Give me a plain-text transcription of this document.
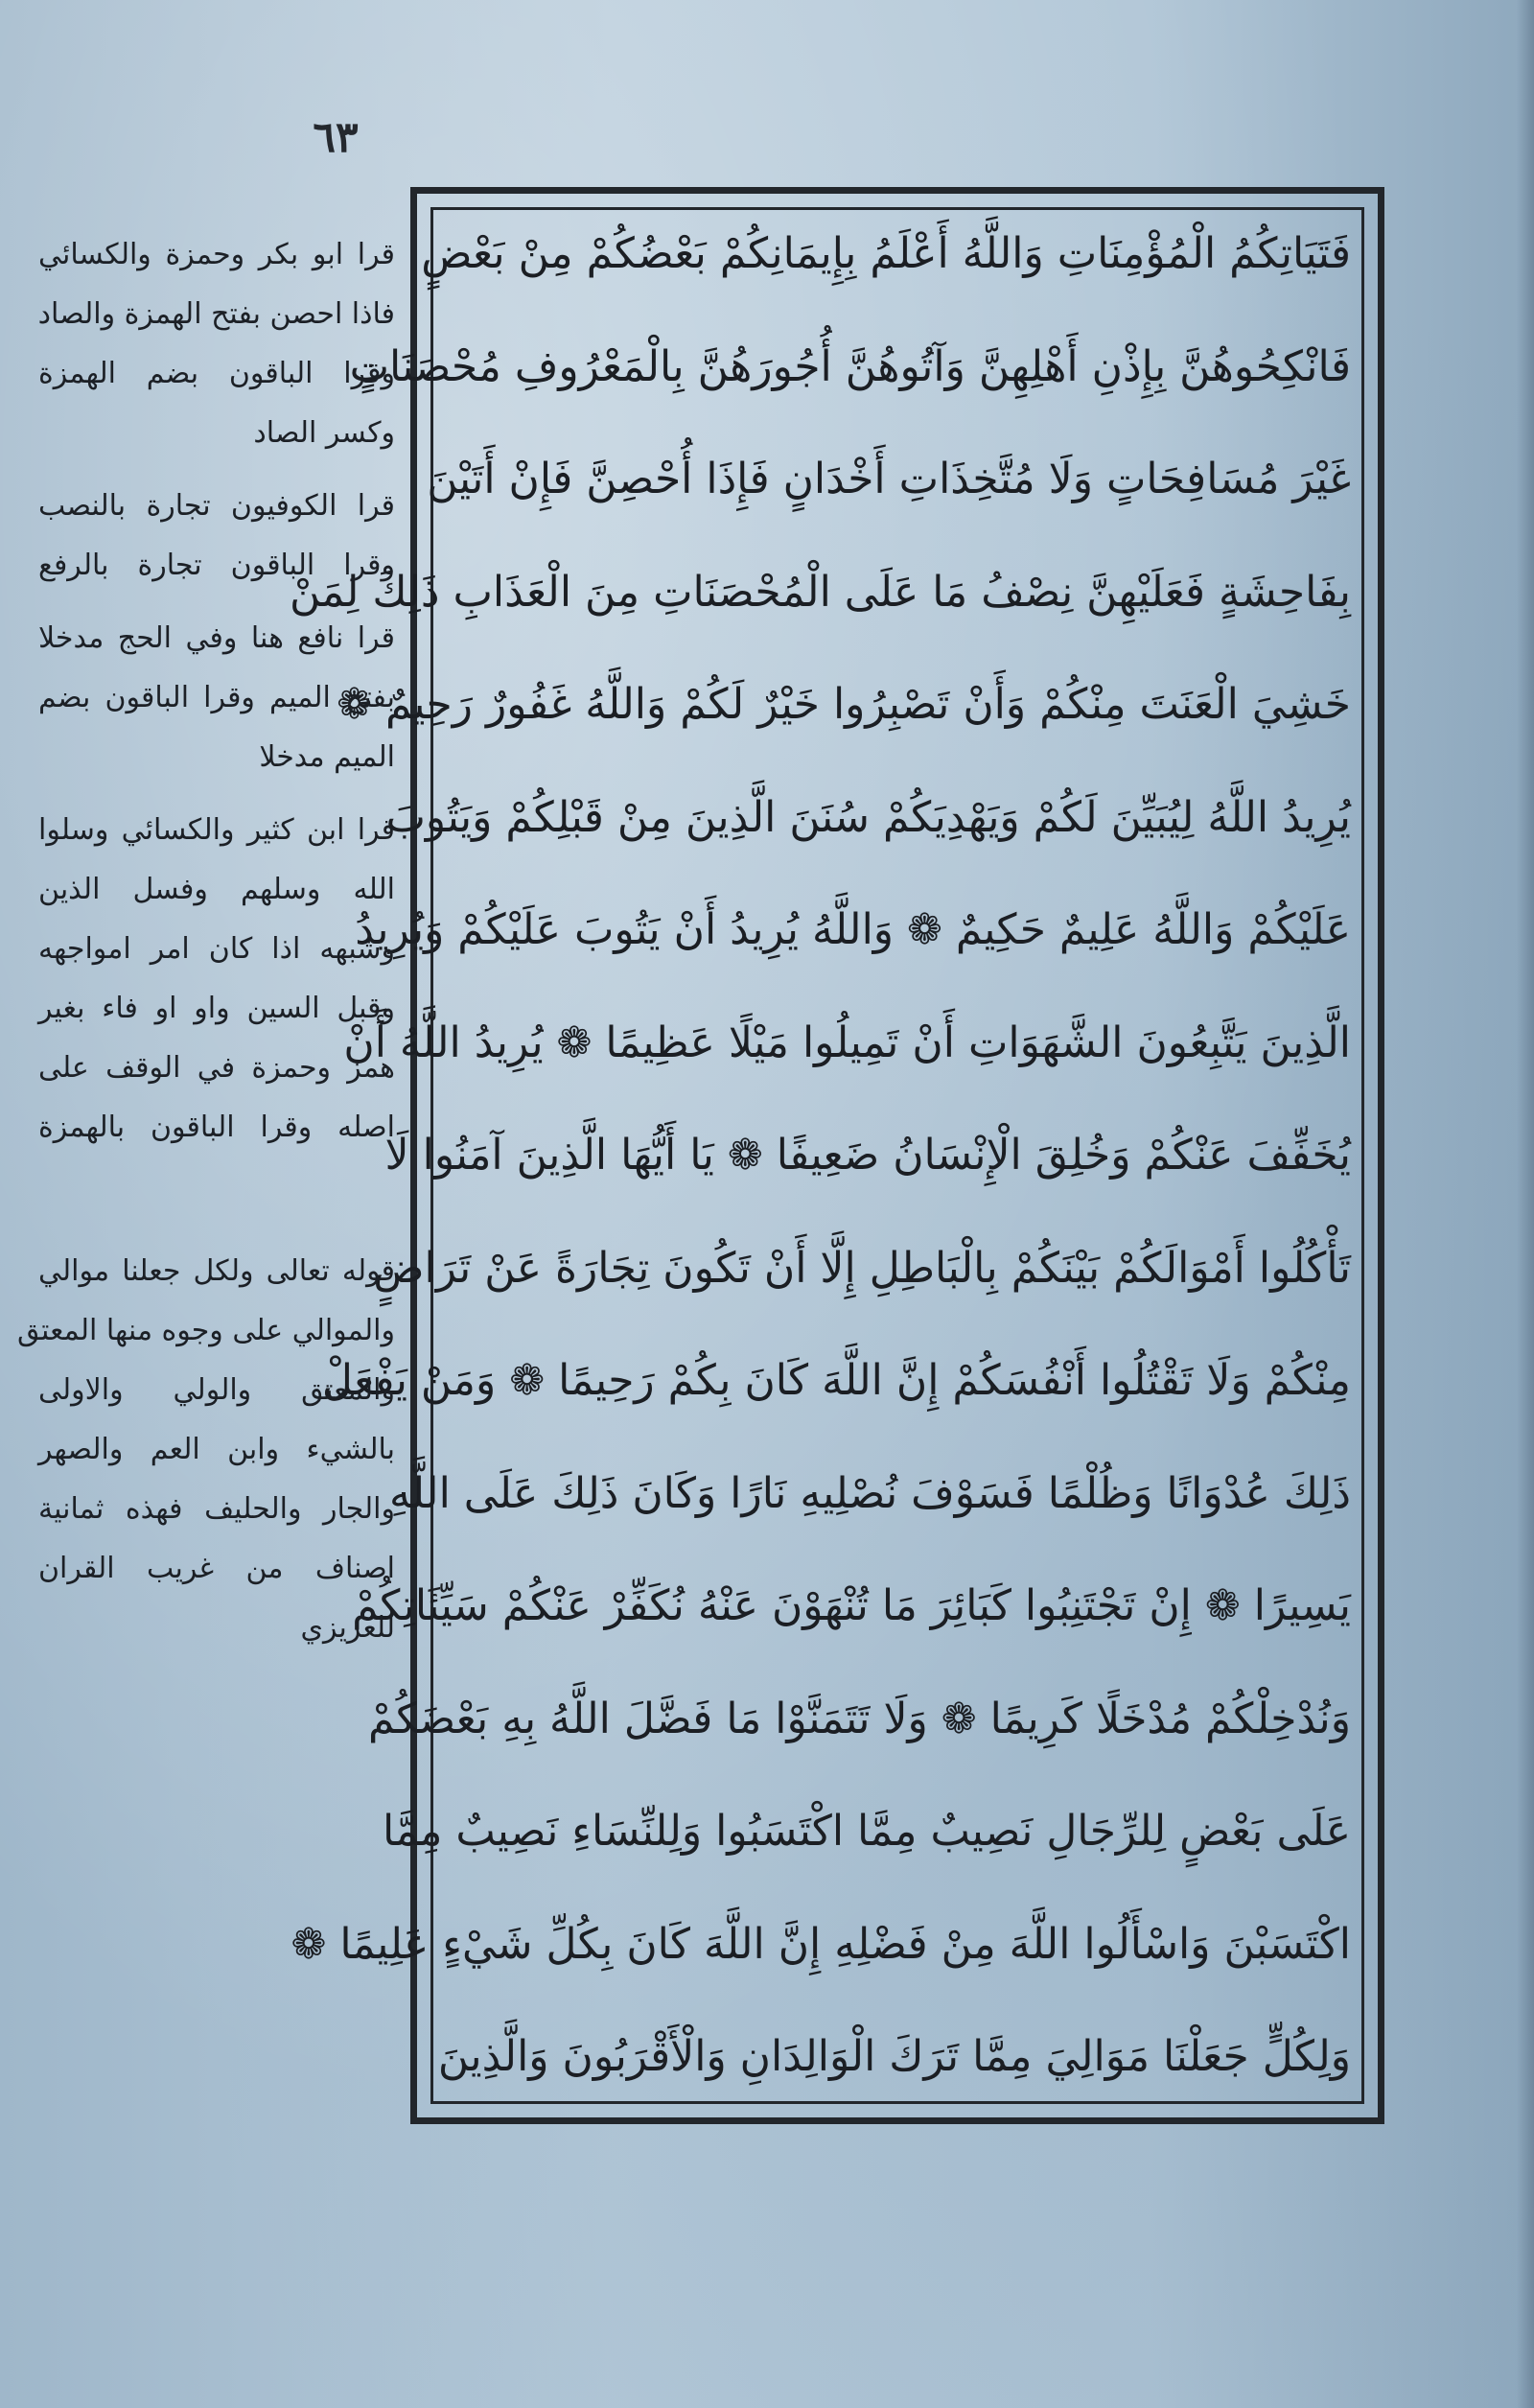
٦٣
فَتَيَاتِكُمُ الْمُؤْمِنَاتِ وَاللَّهُ أَعْلَمُ بِإِيمَانِكُمْ بَعْضُكُمْ مِنْ بَعْضٍ
فَانْكِحُوهُنَّ بِإِذْنِ أَهْلِهِنَّ وَآتُوهُنَّ أُجُورَهُنَّ بِالْمَعْرُوفِ مُحْصَنَاتٍ
غَيْرَ مُسَافِحَاتٍ وَلَا مُتَّخِذَاتِ أَخْدَانٍ فَإِذَا أُحْصِنَّ فَإِنْ أَتَيْنَ
بِفَاحِشَةٍ فَعَلَيْهِنَّ نِصْفُ مَا عَلَى الْمُحْصَنَاتِ مِنَ الْعَذَابِ ذَلِكَ لِمَنْ
خَشِيَ الْعَنَتَ مِنْكُمْ وَأَنْ تَصْبِرُوا خَيْرٌ لَكُمْ وَاللَّهُ غَفُورٌ رَحِيمٌ ❁
يُرِيدُ اللَّهُ لِيُبَيِّنَ لَكُمْ وَيَهْدِيَكُمْ سُنَنَ الَّذِينَ مِنْ قَبْلِكُمْ وَيَتُوبَ
عَلَيْكُمْ وَاللَّهُ عَلِيمٌ حَكِيمٌ ❁ وَاللَّهُ يُرِيدُ أَنْ يَتُوبَ عَلَيْكُمْ وَيُرِيدُ
الَّذِينَ يَتَّبِعُونَ الشَّهَوَاتِ أَنْ تَمِيلُوا مَيْلًا عَظِيمًا ❁ يُرِيدُ اللَّهُ أَنْ
يُخَفِّفَ عَنْكُمْ وَخُلِقَ الْإِنْسَانُ ضَعِيفًا ❁ يَا أَيُّهَا الَّذِينَ آمَنُوا لَا
تَأْكُلُوا أَمْوَالَكُمْ بَيْنَكُمْ بِالْبَاطِلِ إِلَّا أَنْ تَكُونَ تِجَارَةً عَنْ تَرَاضٍ
مِنْكُمْ وَلَا تَقْتُلُوا أَنْفُسَكُمْ إِنَّ اللَّهَ كَانَ بِكُمْ رَحِيمًا ❁ وَمَنْ يَفْعَلْ
ذَلِكَ عُدْوَانًا وَظُلْمًا فَسَوْفَ نُصْلِيهِ نَارًا وَكَانَ ذَلِكَ عَلَى اللَّهِ
يَسِيرًا ❁ إِنْ تَجْتَنِبُوا كَبَائِرَ مَا تُنْهَوْنَ عَنْهُ نُكَفِّرْ عَنْكُمْ سَيِّئَاتِكُمْ
وَنُدْخِلْكُمْ مُدْخَلًا كَرِيمًا ❁ وَلَا تَتَمَنَّوْا مَا فَضَّلَ اللَّهُ بِهِ بَعْضَكُمْ
عَلَى بَعْضٍ لِلرِّجَالِ نَصِيبٌ مِمَّا اكْتَسَبُوا وَلِلنِّسَاءِ نَصِيبٌ مِمَّا
اكْتَسَبْنَ وَاسْأَلُوا اللَّهَ مِنْ فَضْلِهِ إِنَّ اللَّهَ كَانَ بِكُلِّ شَيْءٍ عَلِيمًا ❁
وَلِكُلٍّ جَعَلْنَا مَوَالِيَ مِمَّا تَرَكَ الْوَالِدَانِ وَالْأَقْرَبُونَ وَالَّذِينَ
قرا ابو بكر وحمزة والكسائي
فاذا احصن بفتح الهمزة والصاد
وقرا الباقون بضم الهمزة
وكسر الصاد
قرا الكوفيون تجارة بالنصب
وقرا الباقون تجارة بالرفع
قرا نافع هنا وفي الحج مدخلا
بفتح الميم وقرا الباقون بضم
الميم مدخلا
قرا ابن كثير والكسائي وسلوا
الله وسلهم وفسل الذين
وشبهه اذا كان امر امواجهه
وقبل السين واو او فاء بغير
همز وحمزة في الوقف على
اصله وقرا الباقون بالهمزة
قوله تعالى ولكل جعلنا موالي
والموالي على وجوه منها المعتق
والمعتق والولي والاولى
بالشيء وابن العم والصهر
والجار والحليف فهذه ثمانية
اصناف من غريب القران
للعزيزي
